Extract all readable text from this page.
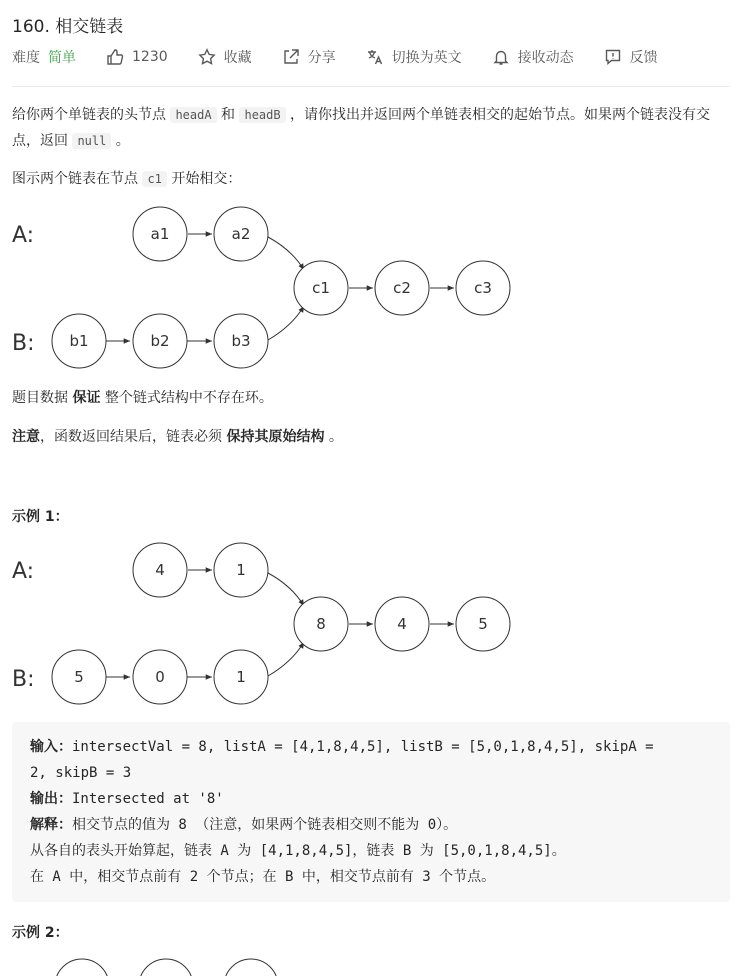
160. 相交链表
难度 简单	1230	收藏	分享	切换为英文	接收动态	反馈
给你两个单链表的头节点 headA 和 headB ，请你找出并返回两个单链表相交的起始节点。如果两个链表没有交点，返回 null 。
图示两个链表在节点 c1 开始相交：
A:
B:
a1	a2
b1	b2	b3
c1	c2	c3
题目数据 保证 整个链式结构中不存在环。
注意，函数返回结果后，链表必须 保持其原始结构 。
示例 1：
A:
B:
4	1
5	0	1
8	4	5
输入：intersectVal = 8, listA = [4,1,8,4,5], listB = [5,0,1,8,4,5], skipA =
2, skipB = 3
输出：Intersected at '8'
解释：相交节点的值为 8 （注意，如果两个链表相交则不能为 0）。
从各自的表头开始算起，链表 A 为 [4,1,8,4,5]，链表 B 为 [5,0,1,8,4,5]。
在 A 中，相交节点前有 2 个节点；在 B 中，相交节点前有 3 个节点。
示例 2：
